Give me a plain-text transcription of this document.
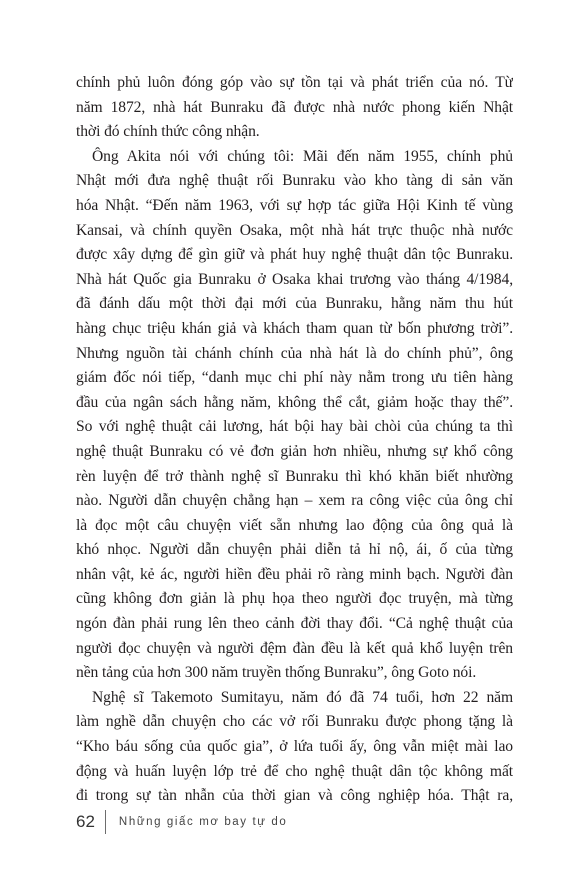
chính phủ luôn đóng góp vào sự tồn tại và phát triển của nó. Từ
năm 1872, nhà hát Bunraku đã được nhà nước phong kiến Nhật
thời đó chính thức công nhận.
Ông Akita nói với chúng tôi: Mãi đến năm 1955, chính phủ
Nhật mới đưa nghệ thuật rối Bunraku vào kho tàng di sản văn
hóa Nhật. “Đến năm 1963, với sự hợp tác giữa Hội Kinh tế vùng
Kansai, và chính quyền Osaka, một nhà hát trực thuộc nhà nước
được xây dựng để gìn giữ và phát huy nghệ thuật dân tộc Bunraku.
Nhà hát Quốc gia Bunraku ở Osaka khai trương vào tháng 4/1984,
đã đánh dấu một thời đại mới của Bunraku, hằng năm thu hút
hàng chục triệu khán giả và khách tham quan từ bốn phương trời”.
Nhưng nguồn tài chánh chính của nhà hát là do chính phủ”, ông
giám đốc nói tiếp, “danh mục chi phí này nằm trong ưu tiên hàng
đầu của ngân sách hằng năm, không thể cắt, giảm hoặc thay thế”.
So với nghệ thuật cải lương, hát bội hay bài chòi của chúng ta thì
nghệ thuật Bunraku có vẻ đơn giản hơn nhiều, nhưng sự khổ công
rèn luyện để trở thành nghệ sĩ Bunraku thì khó khăn biết nhường
nào. Người dẫn chuyện chẳng hạn – xem ra công việc của ông chỉ
là đọc một câu chuyện viết sẵn nhưng lao động của ông quả là
khó nhọc. Người dẫn chuyện phải diễn tả hỉ nộ, ái, ố của từng
nhân vật, kẻ ác, người hiền đều phải rõ ràng minh bạch. Người đàn
cũng không đơn giản là phụ họa theo người đọc truyện, mà từng
ngón đàn phải rung lên theo cảnh đời thay đổi. “Cả nghệ thuật của
người đọc chuyện và người đệm đàn đều là kết quả khổ luyện trên
nền tảng của hơn 300 năm truyền thống Bunraku”, ông Goto nói.
Nghệ sĩ Takemoto Sumitayu, năm đó đã 74 tuổi, hơn 22 năm
làm nghề dẫn chuyện cho các vở rối Bunraku được phong tặng là
“Kho báu sống của quốc gia”, ở lứa tuổi ấy, ông vẫn miệt mài lao
động và huấn luyện lớp trẻ để cho nghệ thuật dân tộc không mất
đi trong sự tàn nhẫn của thời gian và công nghiệp hóa. Thật ra,
62 Những giấc mơ bay tự do
